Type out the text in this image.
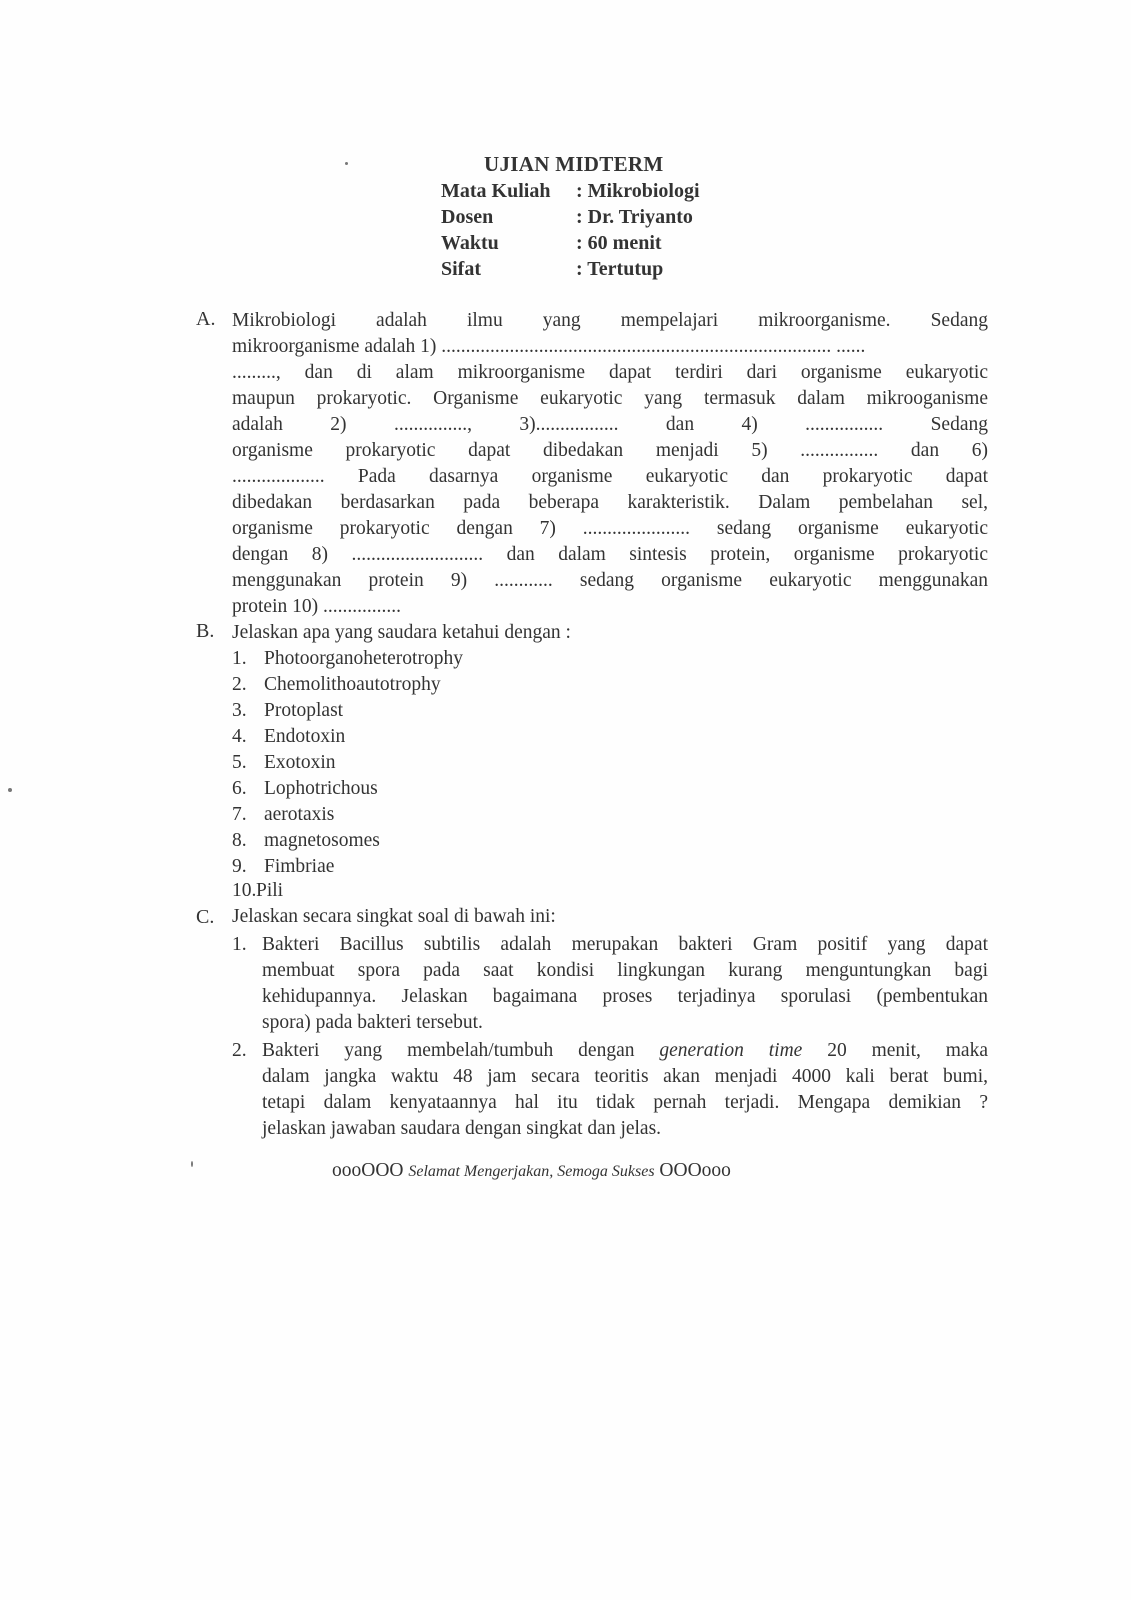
UJIAN MIDTERM
Mata Kuliah : Mikrobiologi
Dosen	: Dr. Triyanto
Waktu	: 60 menit
Sifat	: Tertutup
A. Mikrobiologi adalah ilmu yang mempelajari mikroorganisme. Sedang
mikroorganisme adalah 1) ................................................................................ ......
........., dan di alam mikroorganisme dapat terdiri dari organisme eukaryotic
maupun prokaryotic. Organisme eukaryotic yang termasuk dalam mikrooganisme
adalah 2) ..............., 3)................. dan 4) ................ Sedang
organisme prokaryotic dapat dibedakan menjadi 5) ................ dan 6)
................... Pada dasarnya organisme eukaryotic dan prokaryotic dapat
dibedakan berdasarkan pada beberapa karakteristik. Dalam pembelahan sel,
organisme prokaryotic dengan 7) ...................... sedang organisme eukaryotic
dengan 8) ........................... dan dalam sintesis protein, organisme prokaryotic
menggunakan protein 9) ............ sedang organisme eukaryotic menggunakan
protein 10) ................
B. Jelaskan apa yang saudara ketahui dengan :
1. Photoorganoheterotrophy
2. Chemolithoautotrophy
3. Protoplast
4. Endotoxin
5. Exotoxin
6. Lophotrichous
7. aerotaxis
8. magnetosomes
9. Fimbriae
10. Pili
C. Jelaskan secara singkat soal di bawah ini:
1. Bakteri Bacillus subtilis adalah merupakan bakteri Gram positif yang dapat
membuat spora pada saat kondisi lingkungan kurang menguntungkan bagi
kehidupannya. Jelaskan bagaimana proses terjadinya sporulasi (pembentukan
spora) pada bakteri tersebut.
2. Bakteri yang membelah/tumbuh dengan generation time 20 menit, maka
dalam jangka waktu 48 jam secara teoritis akan menjadi 4000 kali berat bumi,
tetapi dalam kenyataannya hal itu tidak pernah terjadi. Mengapa demikian ?
jelaskan jawaban saudara dengan singkat dan jelas.
oooOOO Selamat Mengerjakan, Semoga Sukses OOOooo
